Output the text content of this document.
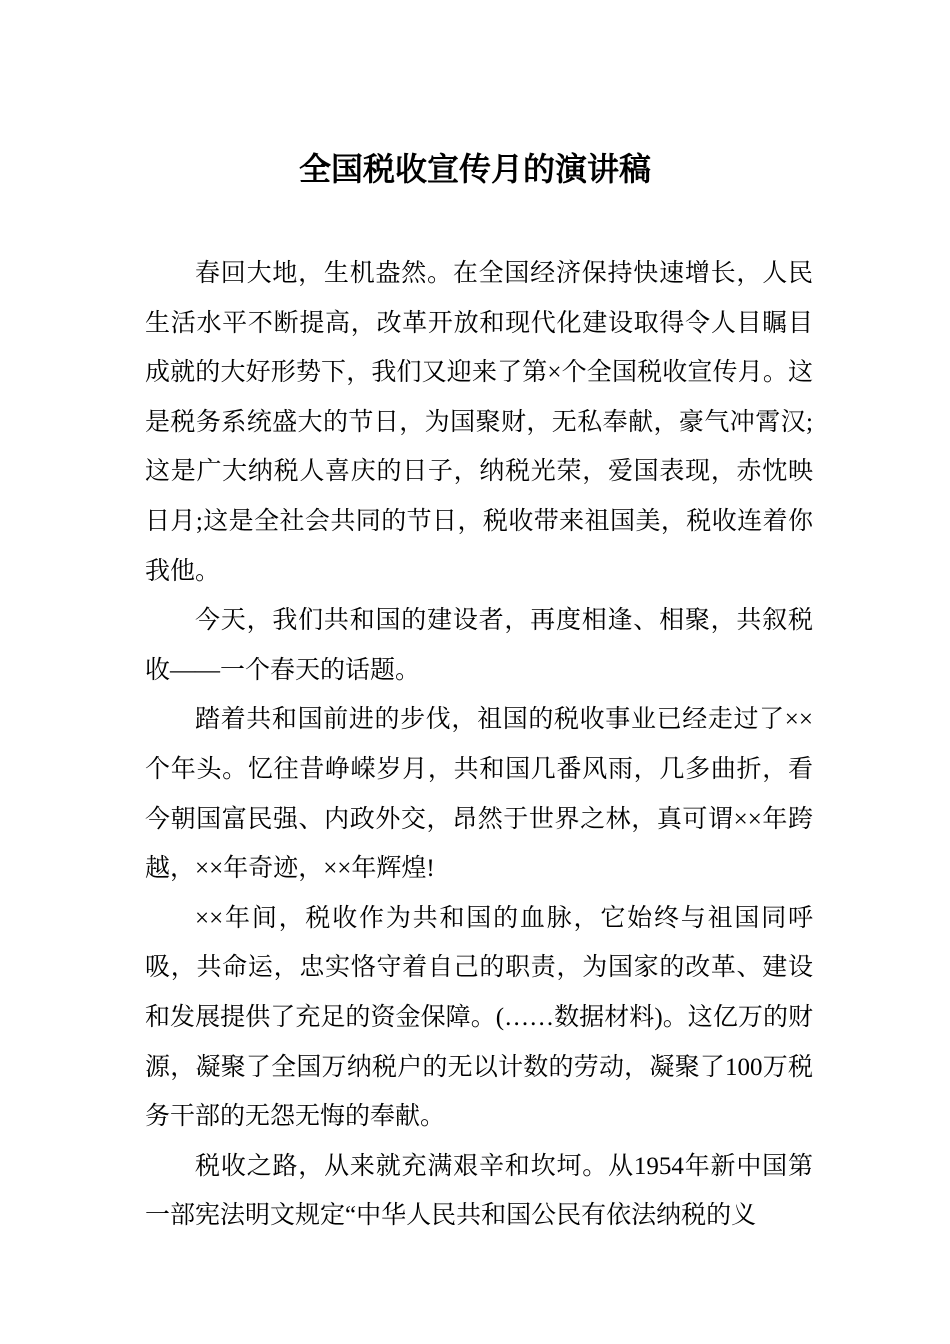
全国税收宣传月的演讲稿

春回大地，生机盎然。在全国经济保持快速增长，人民生活水平不断提高，改革开放和现代化建设取得令人目瞩目成就的大好形势下，我们又迎来了第×个全国税收宣传月。这是税务系统盛大的节日，为国聚财，无私奉献，豪气冲霄汉;这是广大纳税人喜庆的日子，纳税光荣，爱国表现，赤忱映日月;这是全社会共同的节日，税收带来祖国美，税收连着你我他。

今天，我们共和国的建设者，再度相逢、相聚，共叙税收——一个春天的话题。

踏着共和国前进的步伐，祖国的税收事业已经走过了××个年头。忆往昔峥嵘岁月，共和国几番风雨，几多曲折，看今朝国富民强、内政外交，昂然于世界之林，真可谓××年跨越，××年奇迹，××年辉煌!

××年间，税收作为共和国的血脉，它始终与祖国同呼吸，共命运，忠实恪守着自己的职责，为国家的改革、建设和发展提供了充足的资金保障。(……数据材料)。这亿万的财源，凝聚了全国万纳税户的无以计数的劳动，凝聚了100万税务干部的无怨无悔的奉献。

税收之路，从来就充满艰辛和坎坷。从1954年新中国第一部宪法明文规定“中华人民共和国公民有依法纳税的义
